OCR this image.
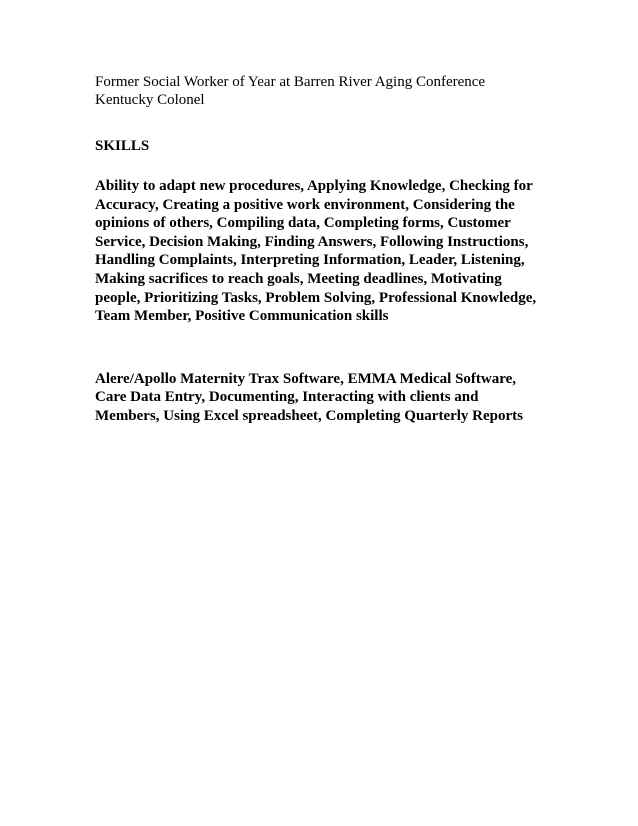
Former Social Worker of Year at Barren River Aging Conference

Kentucky Colonel

SKILLS

Ability to adapt new procedures, Applying Knowledge, Checking for Accuracy, Creating a positive work environment, Considering the opinions of others, Compiling data, Completing forms, Customer Service, Decision Making, Finding Answers, Following Instructions, Handling Complaints, Interpreting Information, Leader, Listening, Making sacrifices to reach goals, Meeting deadlines, Motivating people, Prioritizing Tasks, Problem Solving, Professional Knowledge, Team Member, Positive Communication skills

Alere/Apollo Maternity Trax Software, EMMA Medical Software, Care Data Entry, Documenting, Interacting with clients and Members, Using Excel spreadsheet, Completing Quarterly Reports
